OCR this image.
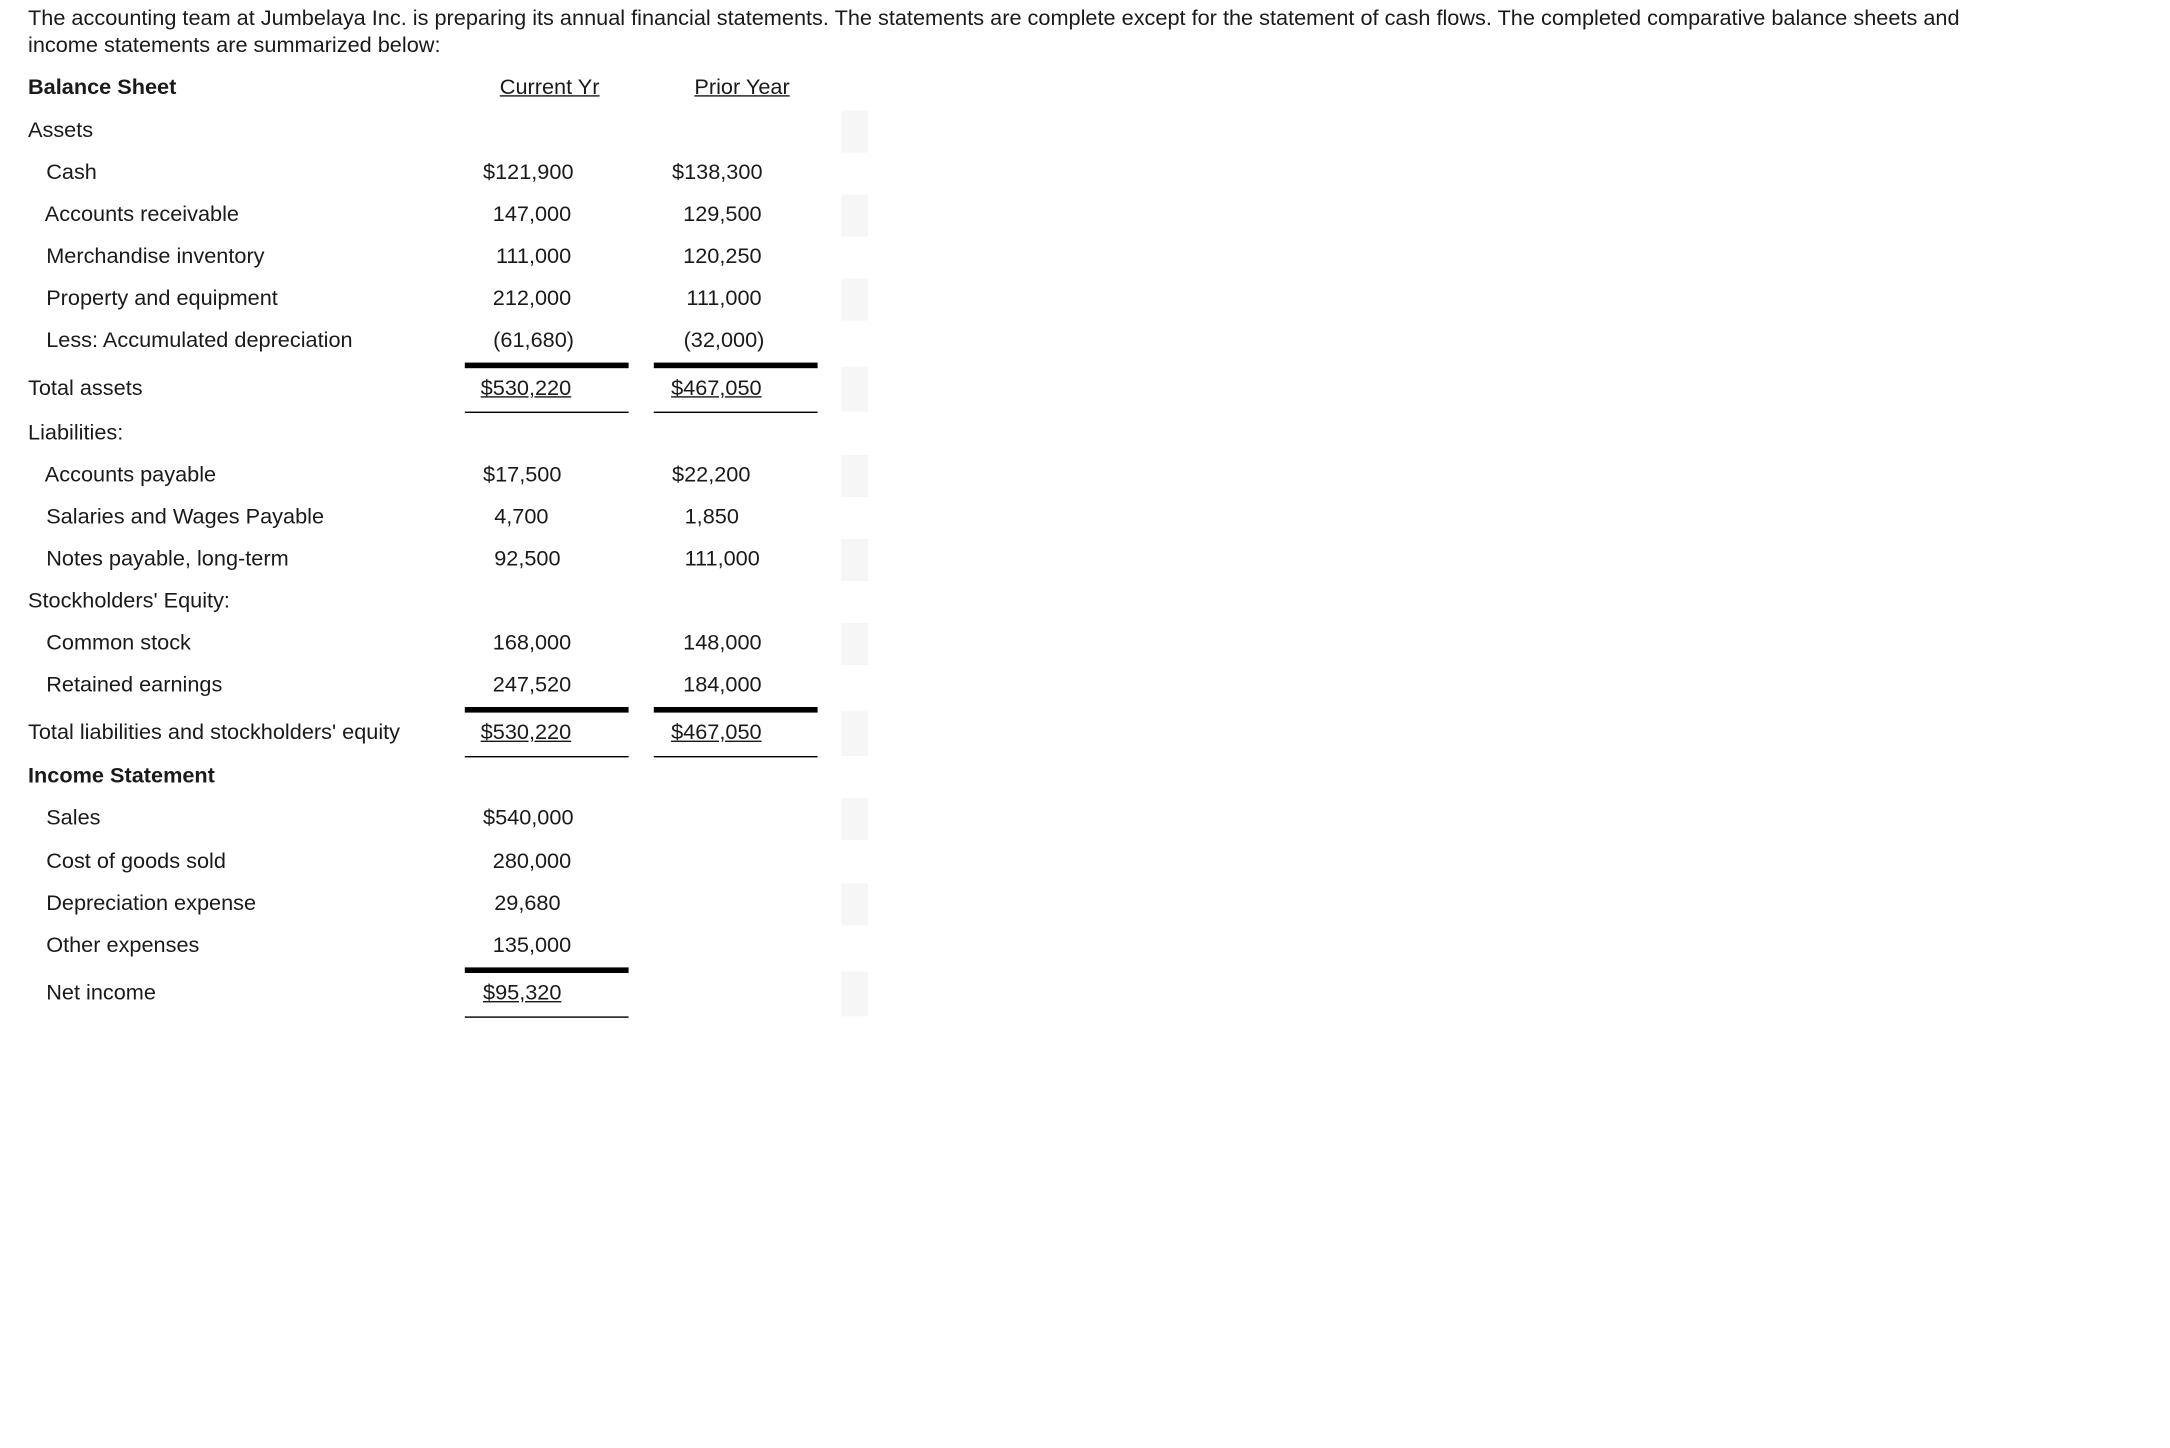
The accounting team at Jumbelaya Inc. is preparing its annual financial statements. The statements are complete except for the statement of cash flows. The completed comparative balance sheets and income statements are summarized below:
Balance Sheet	Current Yr	Prior Year
Assets
Cash	$121,900	$138,300
Accounts receivable	147,000	129,500
Merchandise inventory	111,000	120,250
Property and equipment	212,000	111,000
Less: Accumulated depreciation	(61,680)	(32,000)
Total assets	$530,220	$467,050
Liabilities:
Accounts payable	$17,500	$22,200
Salaries and Wages Payable	4,700	1,850
Notes payable, long-term	92,500	111,000
Stockholders' Equity:
Common stock	168,000	148,000
Retained earnings	247,520	184,000
Total liabilities and stockholders' equity	$530,220	$467,050
Income Statement
Sales	$540,000
Cost of goods sold	280,000
Depreciation expense	29,680
Other expenses	135,000
Net income	$95,320
